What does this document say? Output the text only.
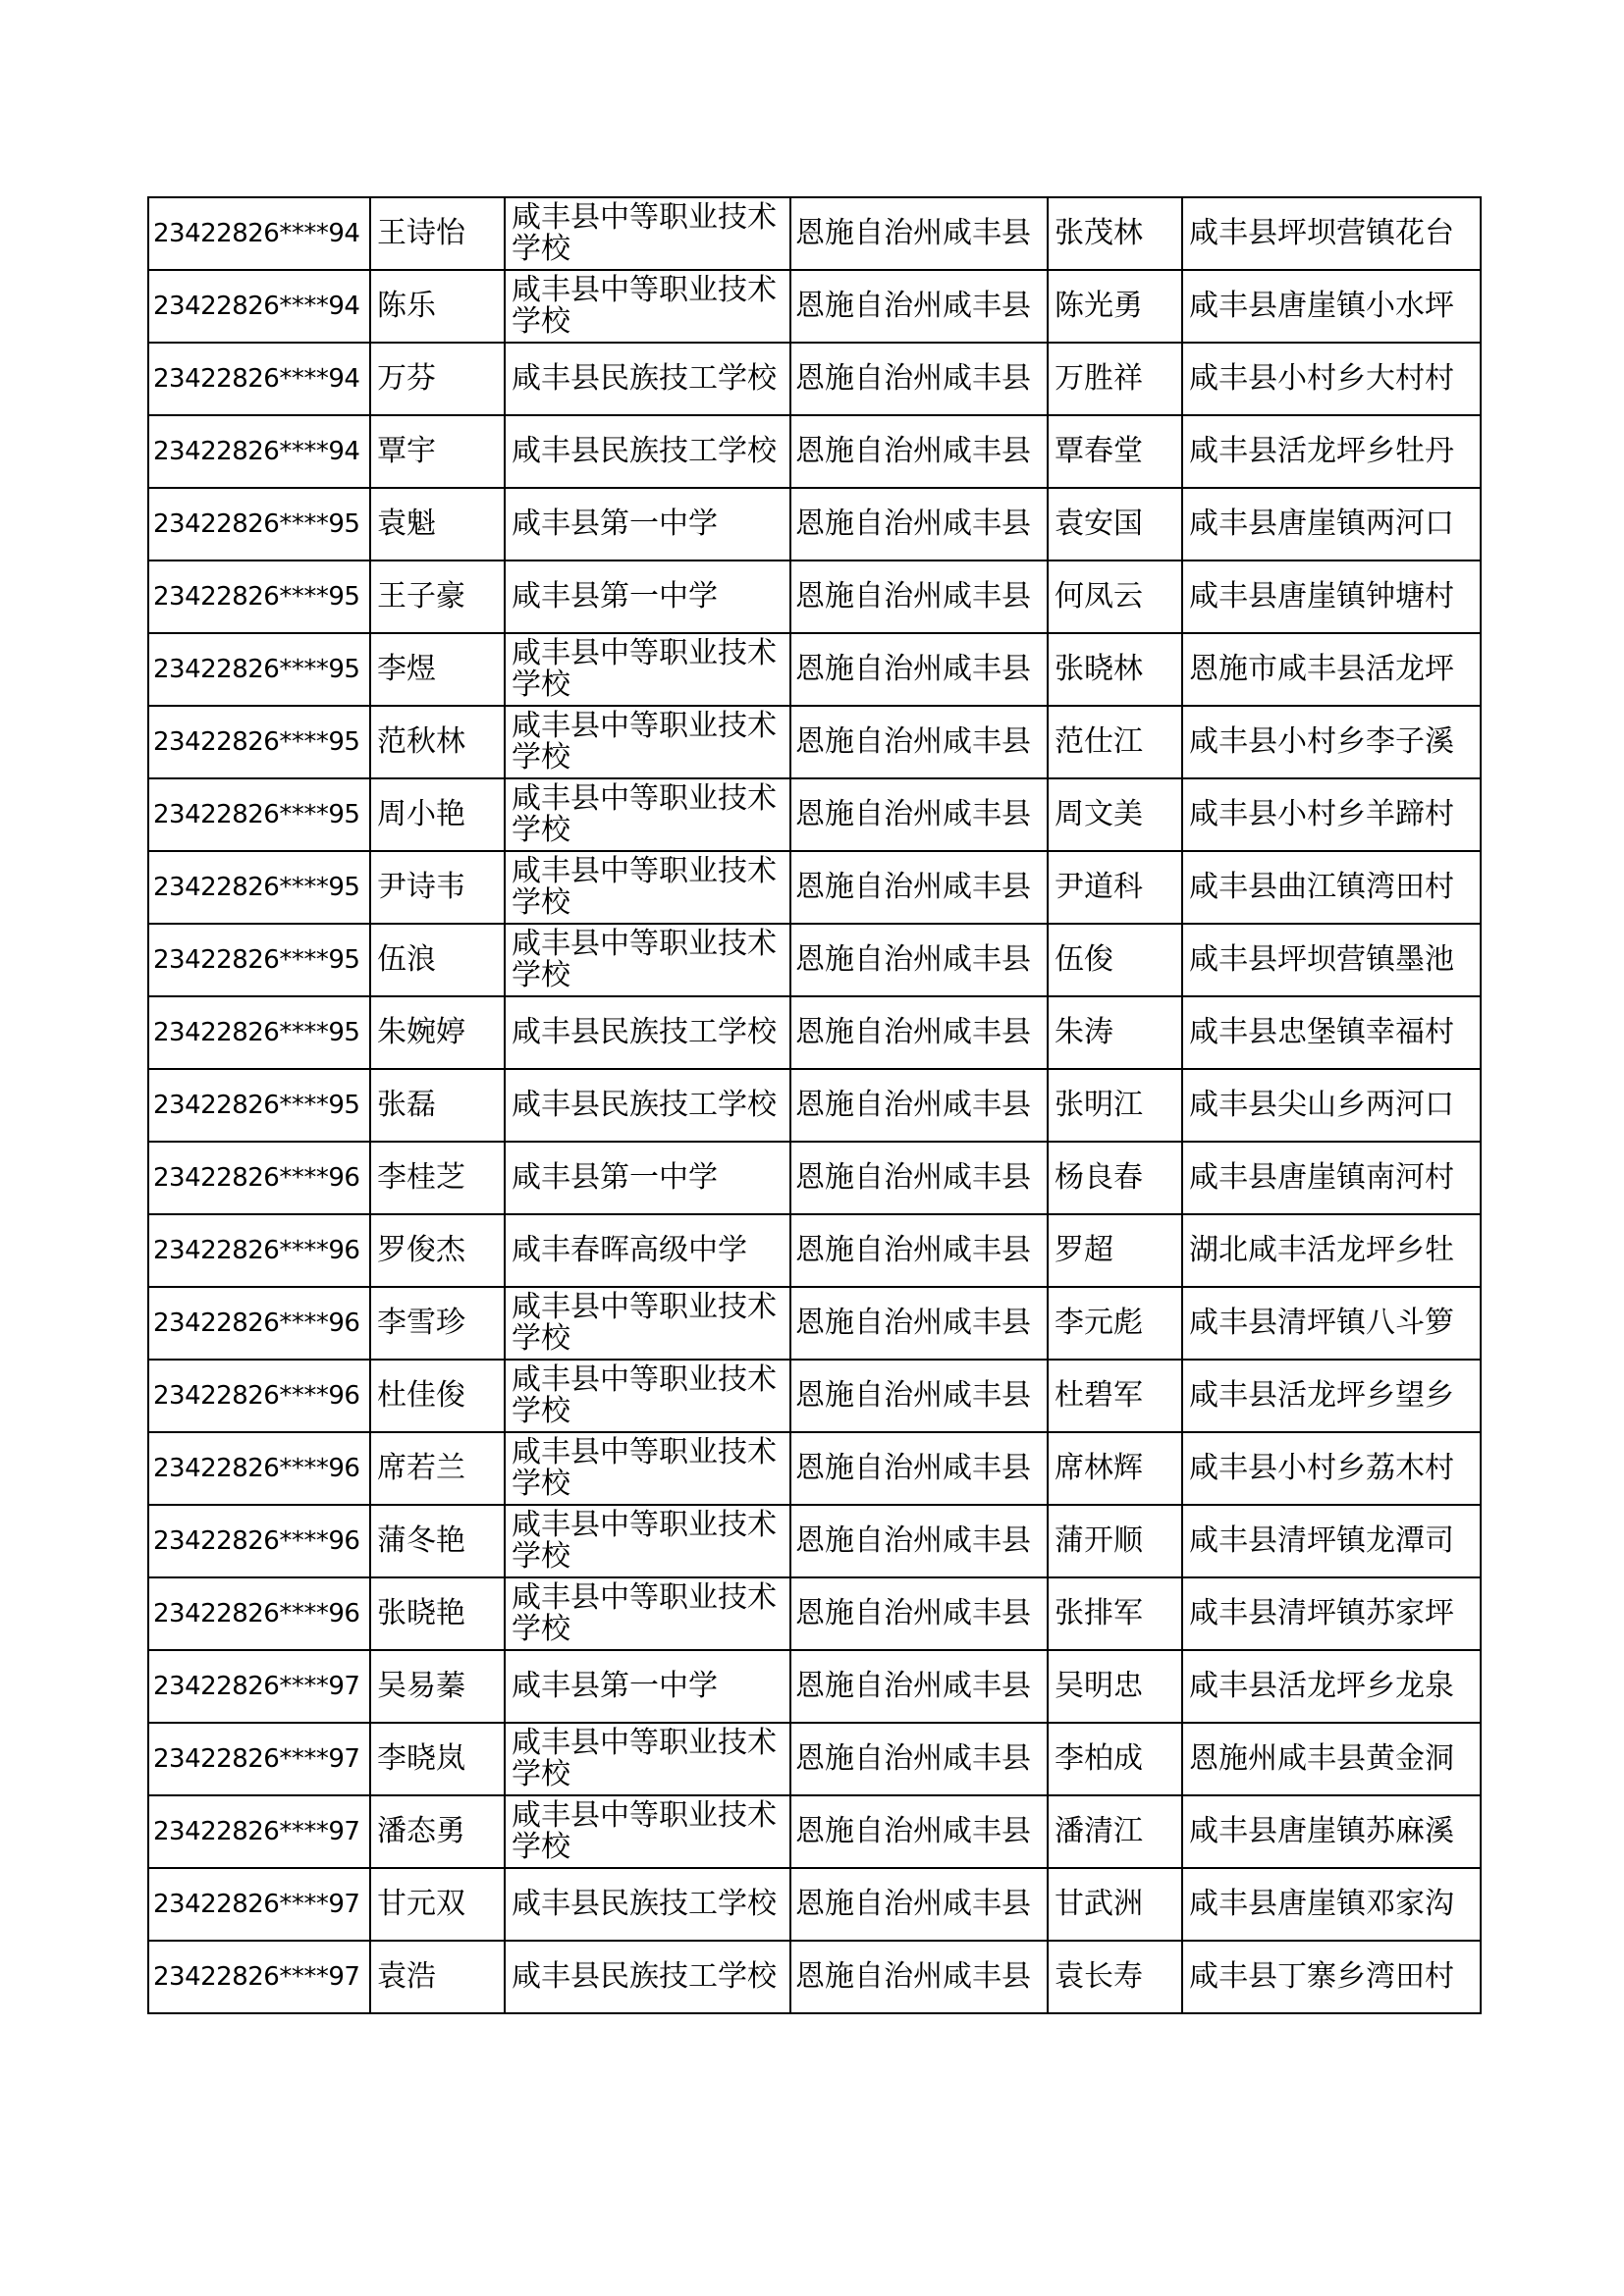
23422826****94	王诗怡	咸丰县中等职业技术学校	恩施自治州咸丰县	张茂林	咸丰县坪坝营镇花台
23422826****94	陈乐	咸丰县中等职业技术学校	恩施自治州咸丰县	陈光勇	咸丰县唐崖镇小水坪
23422826****94	万芬	咸丰县民族技工学校	恩施自治州咸丰县	万胜祥	咸丰县小村乡大村村
23422826****94	覃宇	咸丰县民族技工学校	恩施自治州咸丰县	覃春堂	咸丰县活龙坪乡牡丹
23422826****95	袁魁	咸丰县第一中学	恩施自治州咸丰县	袁安国	咸丰县唐崖镇两河口
23422826****95	王子豪	咸丰县第一中学	恩施自治州咸丰县	何凤云	咸丰县唐崖镇钟塘村
23422826****95	李煜	咸丰县中等职业技术学校	恩施自治州咸丰县	张晓林	恩施市咸丰县活龙坪
23422826****95	范秋林	咸丰县中等职业技术学校	恩施自治州咸丰县	范仕江	咸丰县小村乡李子溪
23422826****95	周小艳	咸丰县中等职业技术学校	恩施自治州咸丰县	周文美	咸丰县小村乡羊蹄村
23422826****95	尹诗韦	咸丰县中等职业技术学校	恩施自治州咸丰县	尹道科	咸丰县曲江镇湾田村
23422826****95	伍浪	咸丰县中等职业技术学校	恩施自治州咸丰县	伍俊	咸丰县坪坝营镇墨池
23422826****95	朱婉婷	咸丰县民族技工学校	恩施自治州咸丰县	朱涛	咸丰县忠堡镇幸福村
23422826****95	张磊	咸丰县民族技工学校	恩施自治州咸丰县	张明江	咸丰县尖山乡两河口
23422826****96	李桂芝	咸丰县第一中学	恩施自治州咸丰县	杨良春	咸丰县唐崖镇南河村
23422826****96	罗俊杰	咸丰春晖高级中学	恩施自治州咸丰县	罗超	湖北咸丰活龙坪乡牡
23422826****96	李雪珍	咸丰县中等职业技术学校	恩施自治州咸丰县	李元彪	咸丰县清坪镇八斗箩
23422826****96	杜佳俊	咸丰县中等职业技术学校	恩施自治州咸丰县	杜碧军	咸丰县活龙坪乡望乡
23422826****96	席若兰	咸丰县中等职业技术学校	恩施自治州咸丰县	席林辉	咸丰县小村乡荔木村
23422826****96	蒲冬艳	咸丰县中等职业技术学校	恩施自治州咸丰县	蒲开顺	咸丰县清坪镇龙潭司
23422826****96	张晓艳	咸丰县中等职业技术学校	恩施自治州咸丰县	张排军	咸丰县清坪镇苏家坪
23422826****97	吴易蓁	咸丰县第一中学	恩施自治州咸丰县	吴明忠	咸丰县活龙坪乡龙泉
23422826****97	李晓岚	咸丰县中等职业技术学校	恩施自治州咸丰县	李柏成	恩施州咸丰县黄金洞
23422826****97	潘态勇	咸丰县中等职业技术学校	恩施自治州咸丰县	潘清江	咸丰县唐崖镇苏麻溪
23422826****97	甘元双	咸丰县民族技工学校	恩施自治州咸丰县	甘武洲	咸丰县唐崖镇邓家沟
23422826****97	袁浩	咸丰县民族技工学校	恩施自治州咸丰县	袁长寿	咸丰县丁寨乡湾田村
